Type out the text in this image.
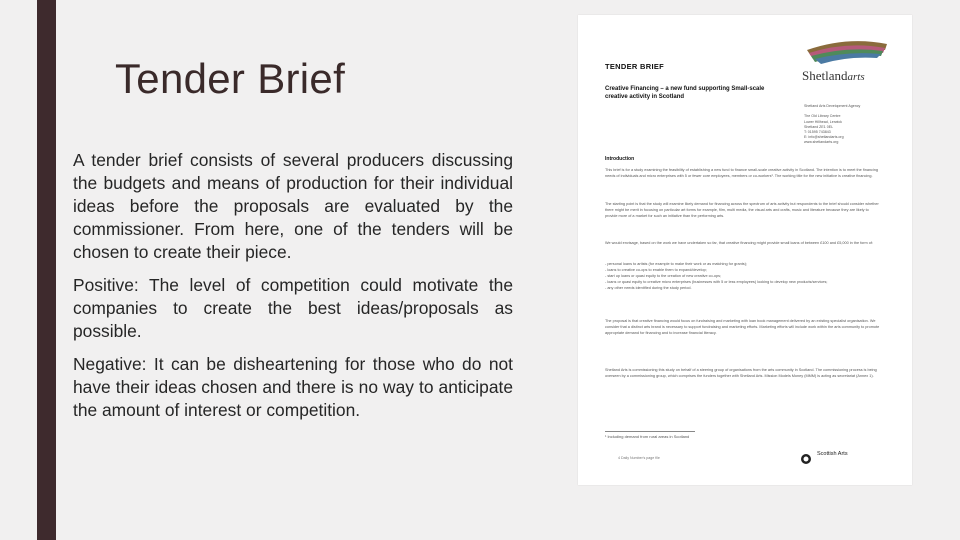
Tender Brief

A tender brief consists of several producers discussing the budgets and means of production for their individual ideas before the proposals are evaluated by the commissioner. From here, one of the tenders will be chosen to create their piece.

Positive: The level of competition could motivate the companies to create the best ideas/proposals as possible.

Negative: It can be disheartening for those who do not have their ideas chosen and there is no way to anticipate the amount of interest or competition.

Shetlandarts
TENDER BRIEF
Creative Financing – a new fund supporting Small-scale creative activity in Scotland
Shetland Arts Development Agency

The Old Library Centre
Lower Hillhead, Lerwick
Shetland ZE1 0EL
T: 01595 743843
E: info@shetlandarts.org
www.shetlandarts.org
Introduction
This brief is for a study examining the feasibility of establishing a new fund to finance small-scale creative activity in Scotland. The intention is to meet the financing needs of individuals and micro enterprises with 5 or fewer core employees, members or co-workers¹. The working title for the new initiative is creative financing.
The starting point is that the study will examine likely demand for financing across the spectrum of arts activity but respondents to the brief should consider whether there might be merit in focusing on particular art forms for example, film, multi media, the visual arts and crafts, music and literature because they are likely to provide more of a market for such an initiative than the performing arts.
We would envisage, based on the work we have undertaken so far, that creative financing might provide small loans of between £100 and £5,000 in the form of:
- personal loans to artists (for example to make their work or as matching for grants);
- loans to creative co-ops to enable them to expand/develop;
- start up loans or quasi equity to the creation of new creative co-ops;
- loans or quasi equity to creative micro enterprises (businesses with 5 or less employees) looking to develop new products/services;
- any other needs identified during the study period.
The proposal is that creative financing would focus on fundraising and marketing with loan book management delivered by an existing specialist organisation. We consider that a distinct arts brand is necessary to support fundraising and marketing efforts. Marketing efforts will include work within the arts community to promote appropriate demand for financing and to increase financial literacy.
Shetland Arts is commissioning this study on behalf of a steering group of organisations from the arts community in Scotland. The commissioning process is being overseen by a commissioning group, which comprises the funders together with Shetland Arts. Mission Models Money (MMM) is acting as secretariat (Annex 1).
¹ Including demand from rural areas in Scotland
4 Daily Number's page file
Scottish Arts
